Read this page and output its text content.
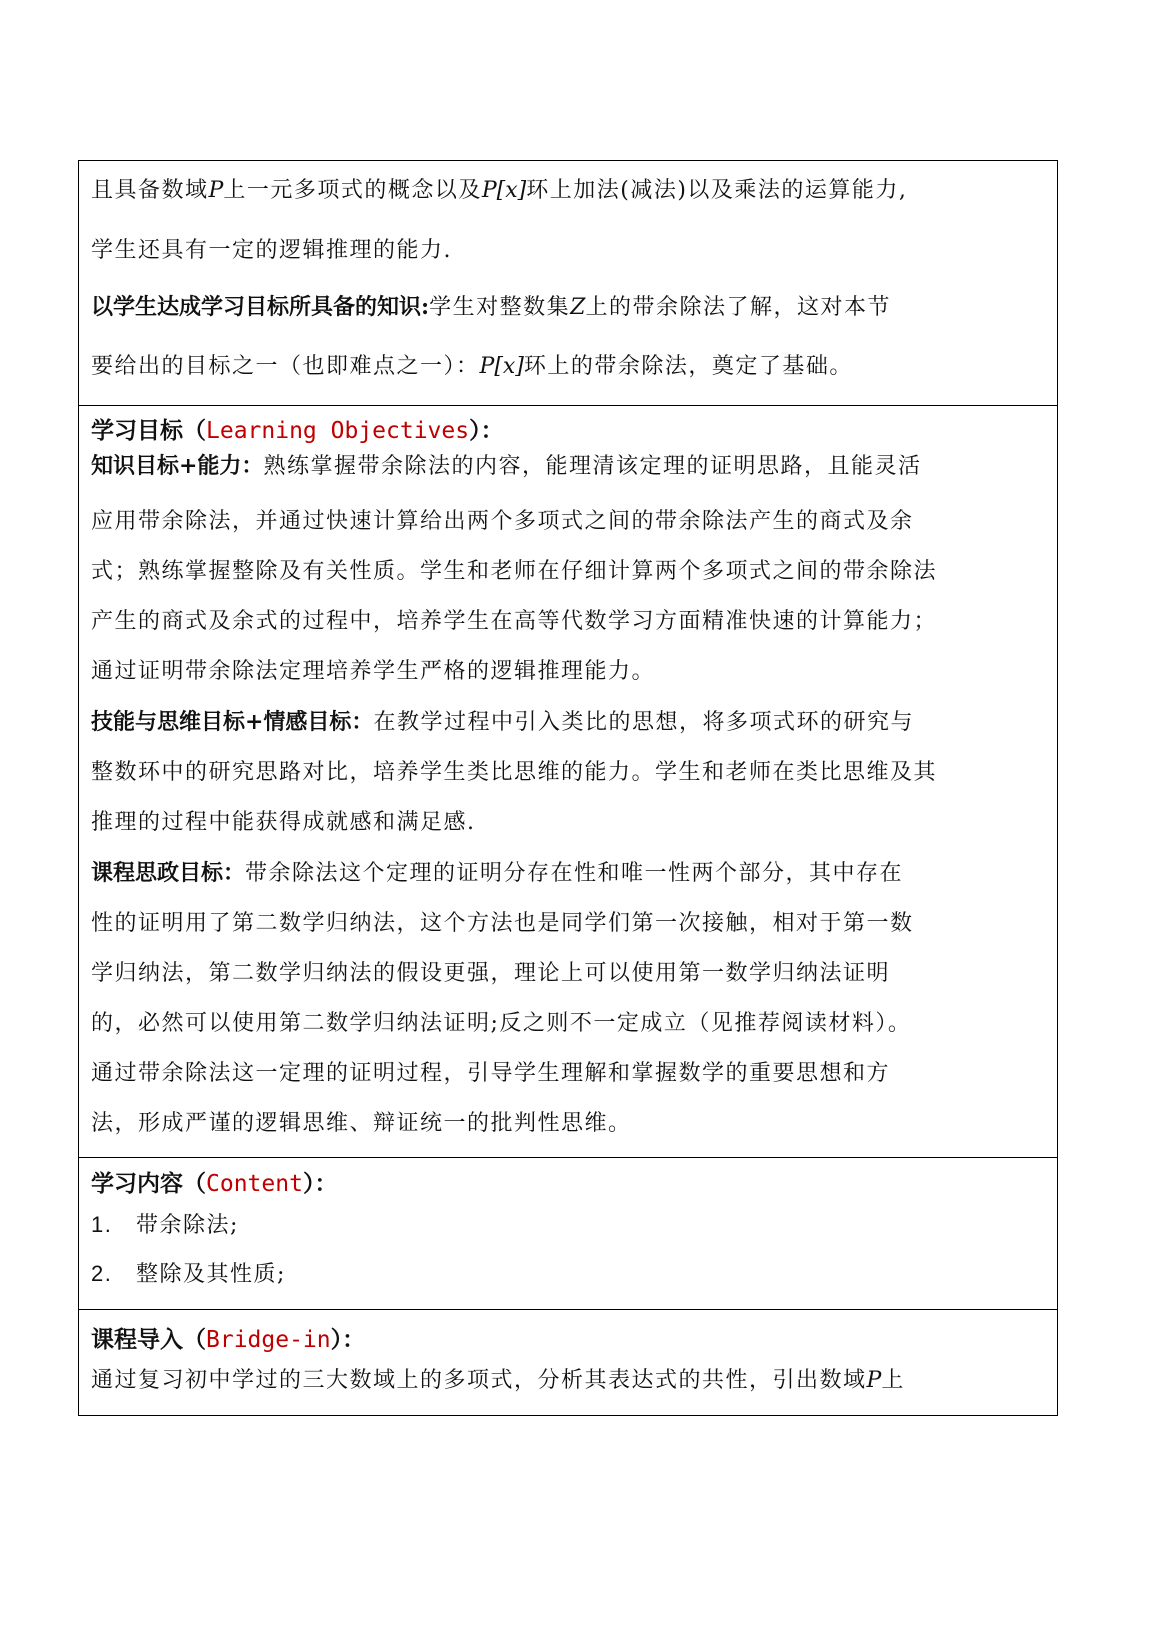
且具备数域P上一元多项式的概念以及P[x]环上加法(减法)以及乘法的运算能力,
学生还具有一定的逻辑推理的能力.
以学生达成学习目标所具备的知识:学生对整数集Z上的带余除法了解，这对本节
要给出的目标之一（也即难点之一）：P[x]环上的带余除法，奠定了基础。
学习目标（Learning Objectives）：
知识目标+能力：熟练掌握带余除法的内容，能理清该定理的证明思路，且能灵活
应用带余除法，并通过快速计算给出两个多项式之间的带余除法产生的商式及余
式；熟练掌握整除及有关性质。学生和老师在仔细计算两个多项式之间的带余除法
产生的商式及余式的过程中，培养学生在高等代数学习方面精准快速的计算能力；
通过证明带余除法定理培养学生严格的逻辑推理能力。
技能与思维目标+情感目标：在教学过程中引入类比的思想，将多项式环的研究与
整数环中的研究思路对比，培养学生类比思维的能力。学生和老师在类比思维及其
推理的过程中能获得成就感和满足感.
课程思政目标：带余除法这个定理的证明分存在性和唯一性两个部分，其中存在
性的证明用了第二数学归纳法，这个方法也是同学们第一次接触，相对于第一数
学归纳法，第二数学归纳法的假设更强，理论上可以使用第一数学归纳法证明
的，必然可以使用第二数学归纳法证明;反之则不一定成立（见推荐阅读材料）。
通过带余除法这一定理的证明过程，引导学生理解和掌握数学的重要思想和方
法，形成严谨的逻辑思维、辩证统一的批判性思维。
学习内容（Content）：
1. 带余除法;
2. 整除及其性质;
课程导入（Bridge-in）：
通过复习初中学过的三大数域上的多项式，分析其表达式的共性，引出数域P上
